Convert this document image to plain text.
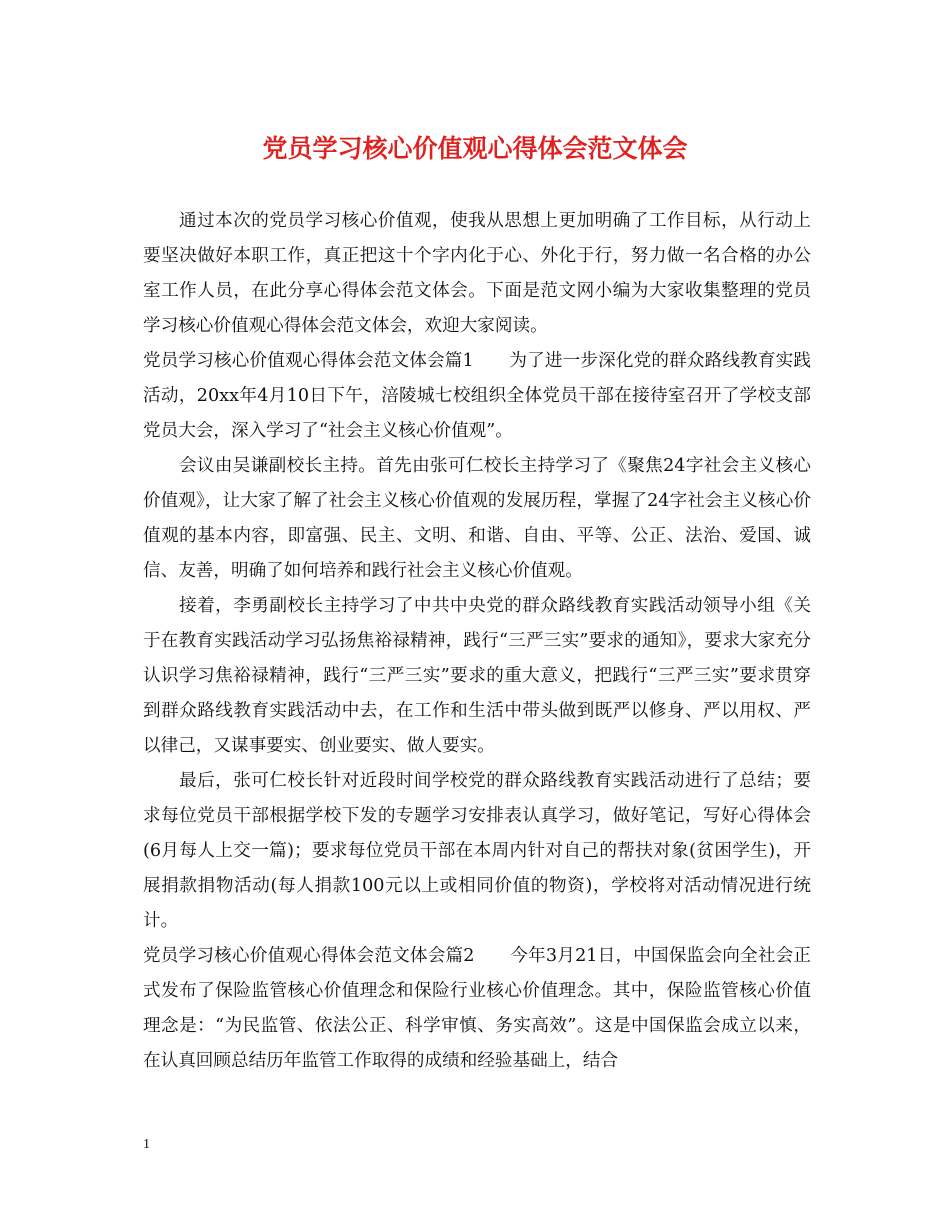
党员学习核心价值观心得体会范文体会

通过本次的党员学习核心价值观，使我从思想上更加明确了工作目标，从行动上要坚决做好本职工作，真正把这十个字内化于心、外化于行，努力做一名合格的办公室工作人员，在此分享心得体会范文体会。下面是范文网小编为大家收集整理的党员学习核心价值观心得体会范文体会，欢迎大家阅读。

党员学习核心价值观心得体会范文体会篇1　　为了进一步深化党的群众路线教育实践活动，20xx年4月10日下午，涪陵城七校组织全体党员干部在接待室召开了学校支部党员大会，深入学习了“社会主义核心价值观”。

会议由吴谦副校长主持。首先由张可仁校长主持学习了《聚焦24字社会主义核心价值观》，让大家了解了社会主义核心价值观的发展历程，掌握了24字社会主义核心价值观的基本内容，即富强、民主、文明、和谐、自由、平等、公正、法治、爱国、诚信、友善，明确了如何培养和践行社会主义核心价值观。

接着，李勇副校长主持学习了中共中央党的群众路线教育实践活动领导小组《关于在教育实践活动学习弘扬焦裕禄精神，践行“三严三实”要求的通知》，要求大家充分认识学习焦裕禄精神，践行“三严三实”要求的重大意义，把践行“三严三实”要求贯穿到群众路线教育实践活动中去，在工作和生活中带头做到既严以修身、严以用权、严以律己，又谋事要实、创业要实、做人要实。

最后，张可仁校长针对近段时间学校党的群众路线教育实践活动进行了总结；要求每位党员干部根据学校下发的专题学习安排表认真学习，做好笔记，写好心得体会(6月每人上交一篇)；要求每位党员干部在本周内针对自己的帮扶对象(贫困学生)，开展捐款捐物活动(每人捐款100元以上或相同价值的物资)，学校将对活动情况进行统计。

党员学习核心价值观心得体会范文体会篇2　　今年3月21日，中国保监会向全社会正式发布了保险监管核心价值理念和保险行业核心价值理念。其中，保险监管核心价值理念是：“为民监管、依法公正、科学审慎、务实高效”。这是中国保监会成立以来，在认真回顾总结历年监管工作取得的成绩和经验基础上，结合

1
